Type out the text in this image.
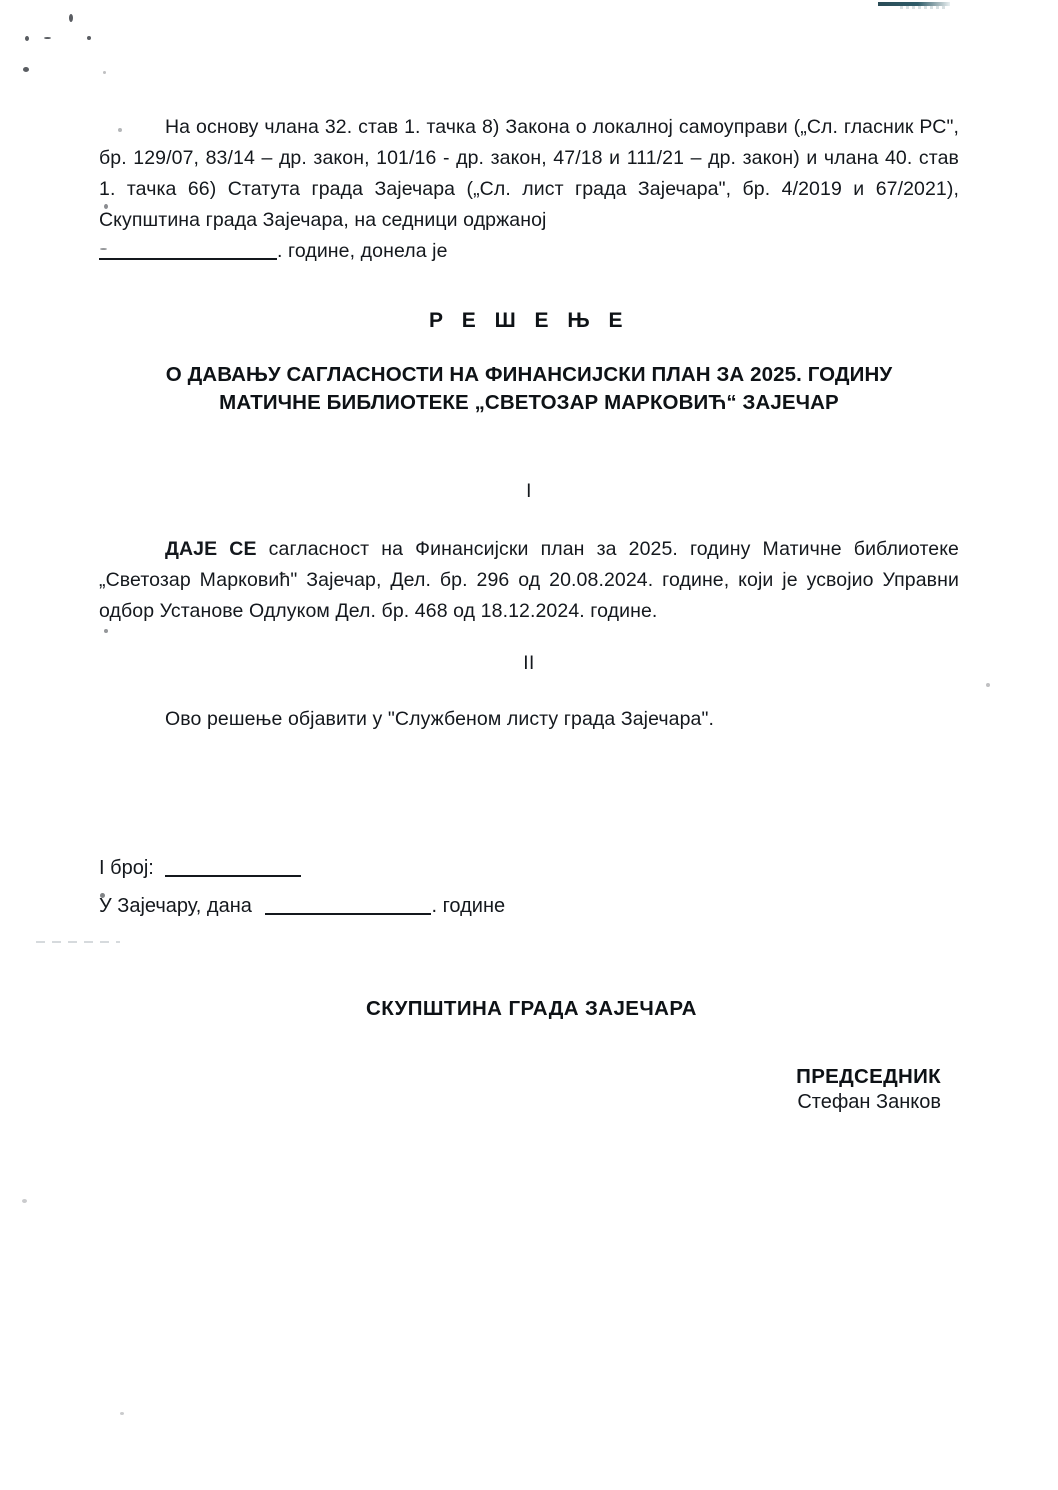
На основу члана 32. став 1. тачка 8) Закона о локалној самоуправи („Сл. гласник РС", бр. 129/07, 83/14 – др. закон, 101/16 - др. закон, 47/18 и 111/21 – др. закон) и члана 40. став 1. тачка 66) Статута града Зајечара („Сл. лист града Зајечара", бр. 4/2019 и 67/2021), Скупштина града Зајечара, на седници одржаној

. године, донела је

Р Е Ш Е Њ Е
О ДАВАЊУ САГЛАСНОСТИ НА ФИНАНСИЈСКИ ПЛАН ЗА 2025. ГОДИНУ
МАТИЧНЕ БИБЛИОТЕКЕ „СВЕТОЗАР МАРКОВИЋ“ ЗАЈЕЧАР
I

ДАЈЕ СЕ сагласност на Финансијски план за 2025. годину Матичне библиотеке „Светозар Марковић" Зајечар, Дел. бр. 296 од 20.08.2024. године, који је усвојио Управни одбор Установе Одлуком Дел. бр. 468 од 18.12.2024. године.

II

Ово решење објавити у "Службеном листу града Зајечара".

I број:
У Зајечару, дана	. године
СКУПШТИНА ГРАДА ЗАЈЕЧАРА
ПРЕДСЕДНИК
Стефан Занков
